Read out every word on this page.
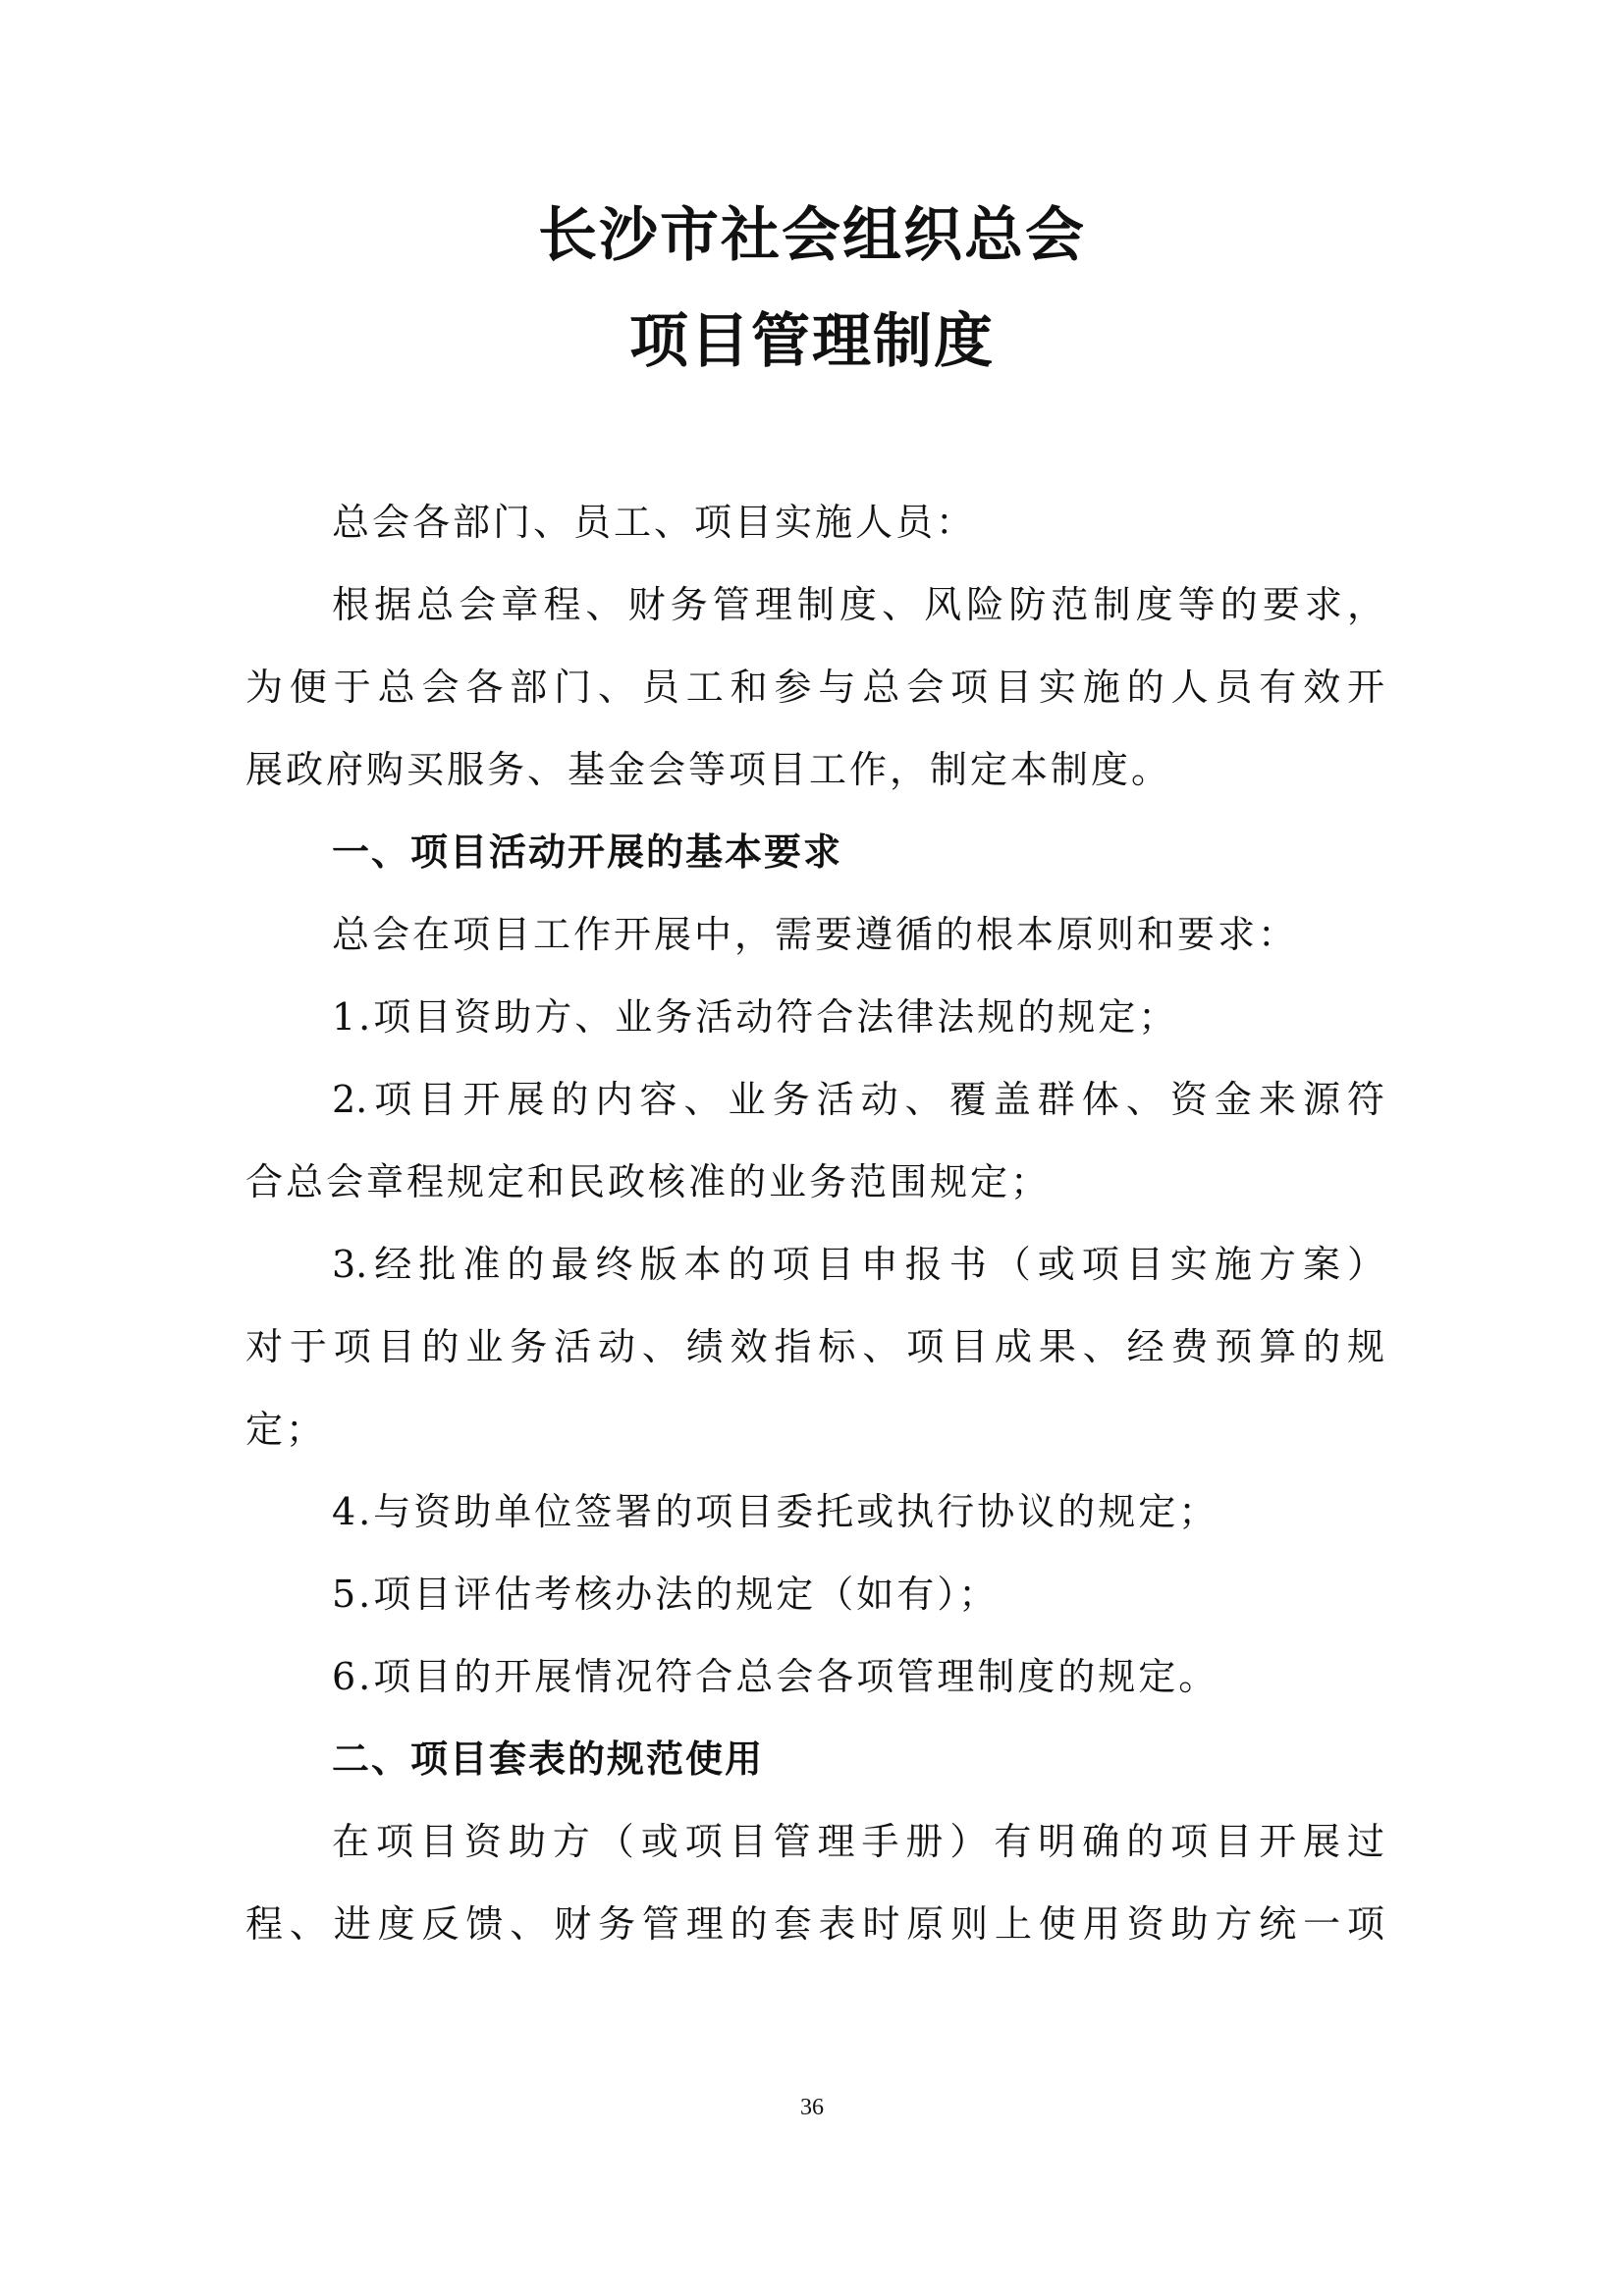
长沙市社会组织总会
项目管理制度
总会各部门、员工、项目实施人员：
根据总会章程、财务管理制度、风险防范制度等的要求，
为便于总会各部门、员工和参与总会项目实施的人员有效开
展政府购买服务、基金会等项目工作，制定本制度。
一、项目活动开展的基本要求
总会在项目工作开展中，需要遵循的根本原则和要求：
1.项目资助方、业务活动符合法律法规的规定；
2.项目开展的内容、业务活动、覆盖群体、资金来源符
合总会章程规定和民政核准的业务范围规定；
3.经批准的最终版本的项目申报书（或项目实施方案）
对于项目的业务活动、绩效指标、项目成果、经费预算的规
定；
4.与资助单位签署的项目委托或执行协议的规定；
5.项目评估考核办法的规定（如有）；
6.项目的开展情况符合总会各项管理制度的规定。
二、项目套表的规范使用
在项目资助方（或项目管理手册）有明确的项目开展过
程、进度反馈、财务管理的套表时原则上使用资助方统一项
36
